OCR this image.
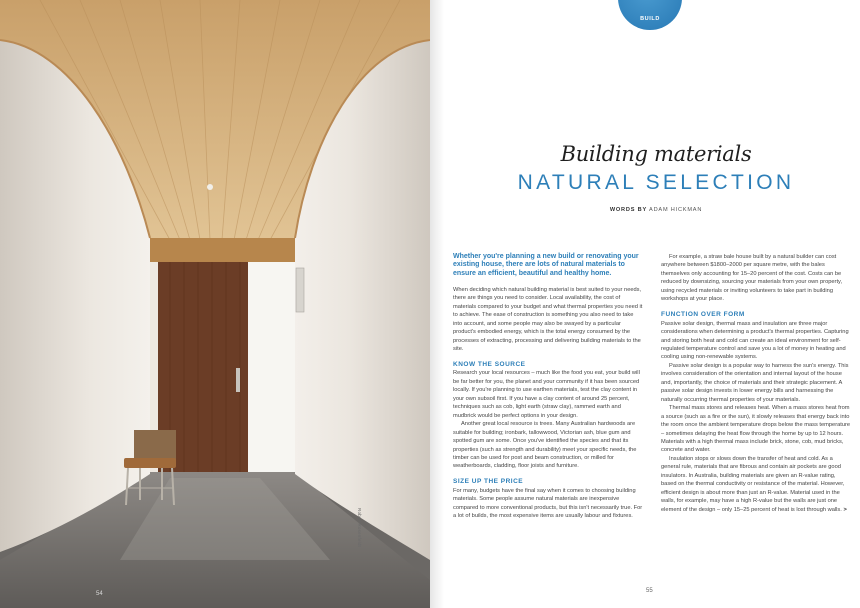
Robyn Rosenfeldt
54
BUILD
Building materials
NATURAL SELECTION
WORDS BY ADAM HICKMAN

Whether you're planning a new build or renovating your existing house, there are lots of natural materials to ensure an efficient, beautiful and healthy home.

When deciding which natural building material is best suited to your needs, there are things you need to consider. Local availability, the cost of materials compared to your budget and what thermal properties you need it to achieve. The ease of construction is something you also need to take into account, and some people may also be swayed by a particular product's embodied energy, which is the total energy consumed by the processes of extracting, processing and delivering building materials to the site.

KNOW THE SOURCE

Research your local resources – much like the food you eat, your build will be far better for you, the planet and your community if it has been sourced locally. If you're planning to use earthen materials, test the clay content in your own subsoil first. If you have a clay content of around 25 percent, techniques such as cob, light earth (straw clay), rammed earth and mudbrick would be perfect options in your design.

Another great local resource is trees. Many Australian hardwoods are suitable for building; ironbark, tallowwood, Victorian ash, blue gum and spotted gum are some. Once you've identified the species and that its properties (such as strength and durability) meet your specific needs, the timber can be used for post and beam construction, or milled for weatherboards, cladding, floor joists and furniture.

SIZE UP THE PRICE

For many, budgets have the final say when it comes to choosing building materials. Some people assume natural materials are inexpensive compared to more conventional products, but this isn't necessarily true. For a lot of builds, the most expensive items are usually labour and fixtures.

For example, a straw bale house built by a natural builder can cost anywhere between $1800–2000 per square metre, with the bales themselves only accounting for 15–20 percent of the cost. Costs can be reduced by downsizing, sourcing your materials from your own property, using recycled materials or inviting volunteers to take part in building workshops at your place.

FUNCTION OVER FORM

Passive solar design, thermal mass and insulation are three major considerations when determining a product's thermal properties. Capturing and storing both heat and cold can create an ideal environment for self-regulated temperature control and save you a lot of money in heating and cooling using non-renewable systems.

Passive solar design is a popular way to harness the sun's energy. This involves consideration of the orientation and internal layout of the house and, importantly, the choice of materials and their strategic placement. A passive solar design invests in lower energy bills and harnessing the naturally occurring thermal properties of your materials.

Thermal mass stores and releases heat. When a mass stores heat from a source (such as a fire or the sun), it slowly releases that energy back into the room once the ambient temperature drops below the mass temperature – sometimes delaying the heat flow through the home by up to 12 hours. Materials with a high thermal mass include brick, stone, cob, mud bricks, concrete and water.

Insulation stops or slows down the transfer of heat and cold. As a general rule, materials that are fibrous and contain air pockets are good insulators. In Australia, building materials are given an R-value rating, based on the thermal conductivity or resistance of the material. However, efficient design is about more than just an R-value. Material used in the walls, for example, may have a high R-value but the walls are just one element of the design – only 15–25 percent of heat is lost through walls. >

55
